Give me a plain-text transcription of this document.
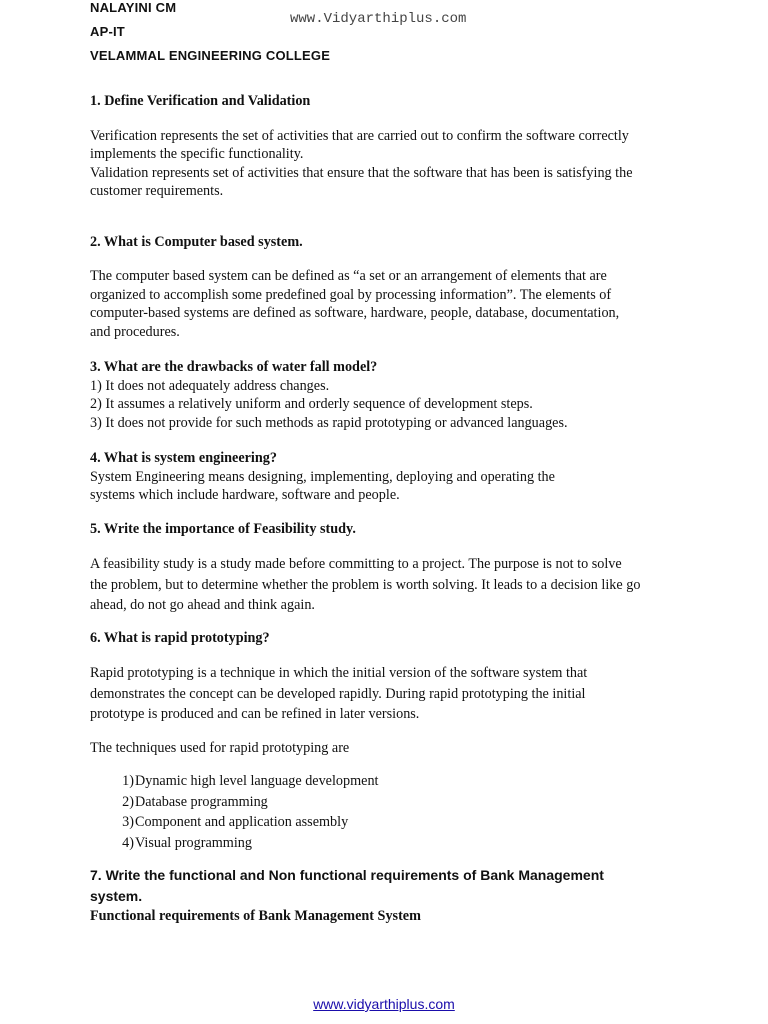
NALAYINI CM
AP-IT
VELAMMAL ENGINEERING COLLEGE
www.Vidyarthiplus.com

1. Define Verification and Validation

Verification represents the set of activities that are carried out to confirm the software correctly

implements the specific functionality.

Validation represents set of activities that ensure that the software that has been is satisfying the

customer requirements.

2. What is Computer based system.

The computer based system can be defined as “a set or an arrangement of elements that are

organized to accomplish some predefined goal by processing information”. The elements of

computer-based systems are defined as software, hardware, people, database, documentation,

and procedures.

3. What are the drawbacks of water fall model?

1) It does not adequately address changes.

2) It assumes a relatively uniform and orderly sequence of development steps.

3) It does not provide for such methods as rapid prototyping or advanced languages.

4. What is system engineering?

System Engineering means designing, implementing, deploying and operating the

systems which include hardware, software and people.

5. Write the importance of Feasibility study.

A feasibility study is a study made before committing to a project. The purpose is not to solve

the problem, but to determine whether the problem is worth solving. It leads to a decision like go

ahead, do not go ahead and think again.

6. What is rapid prototyping?

Rapid prototyping is a technique in which the initial version of the software system that

demonstrates the concept can be developed rapidly. During rapid prototyping the initial

prototype is produced and can be refined in later versions.

The techniques used for rapid prototyping are

1) Dynamic high level language development
2) Database programming
3) Component and application assembly
4) Visual programming

7. Write the functional and Non functional requirements of Bank Management

system.

Functional requirements of Bank Management System

www.vidyarthiplus.com
